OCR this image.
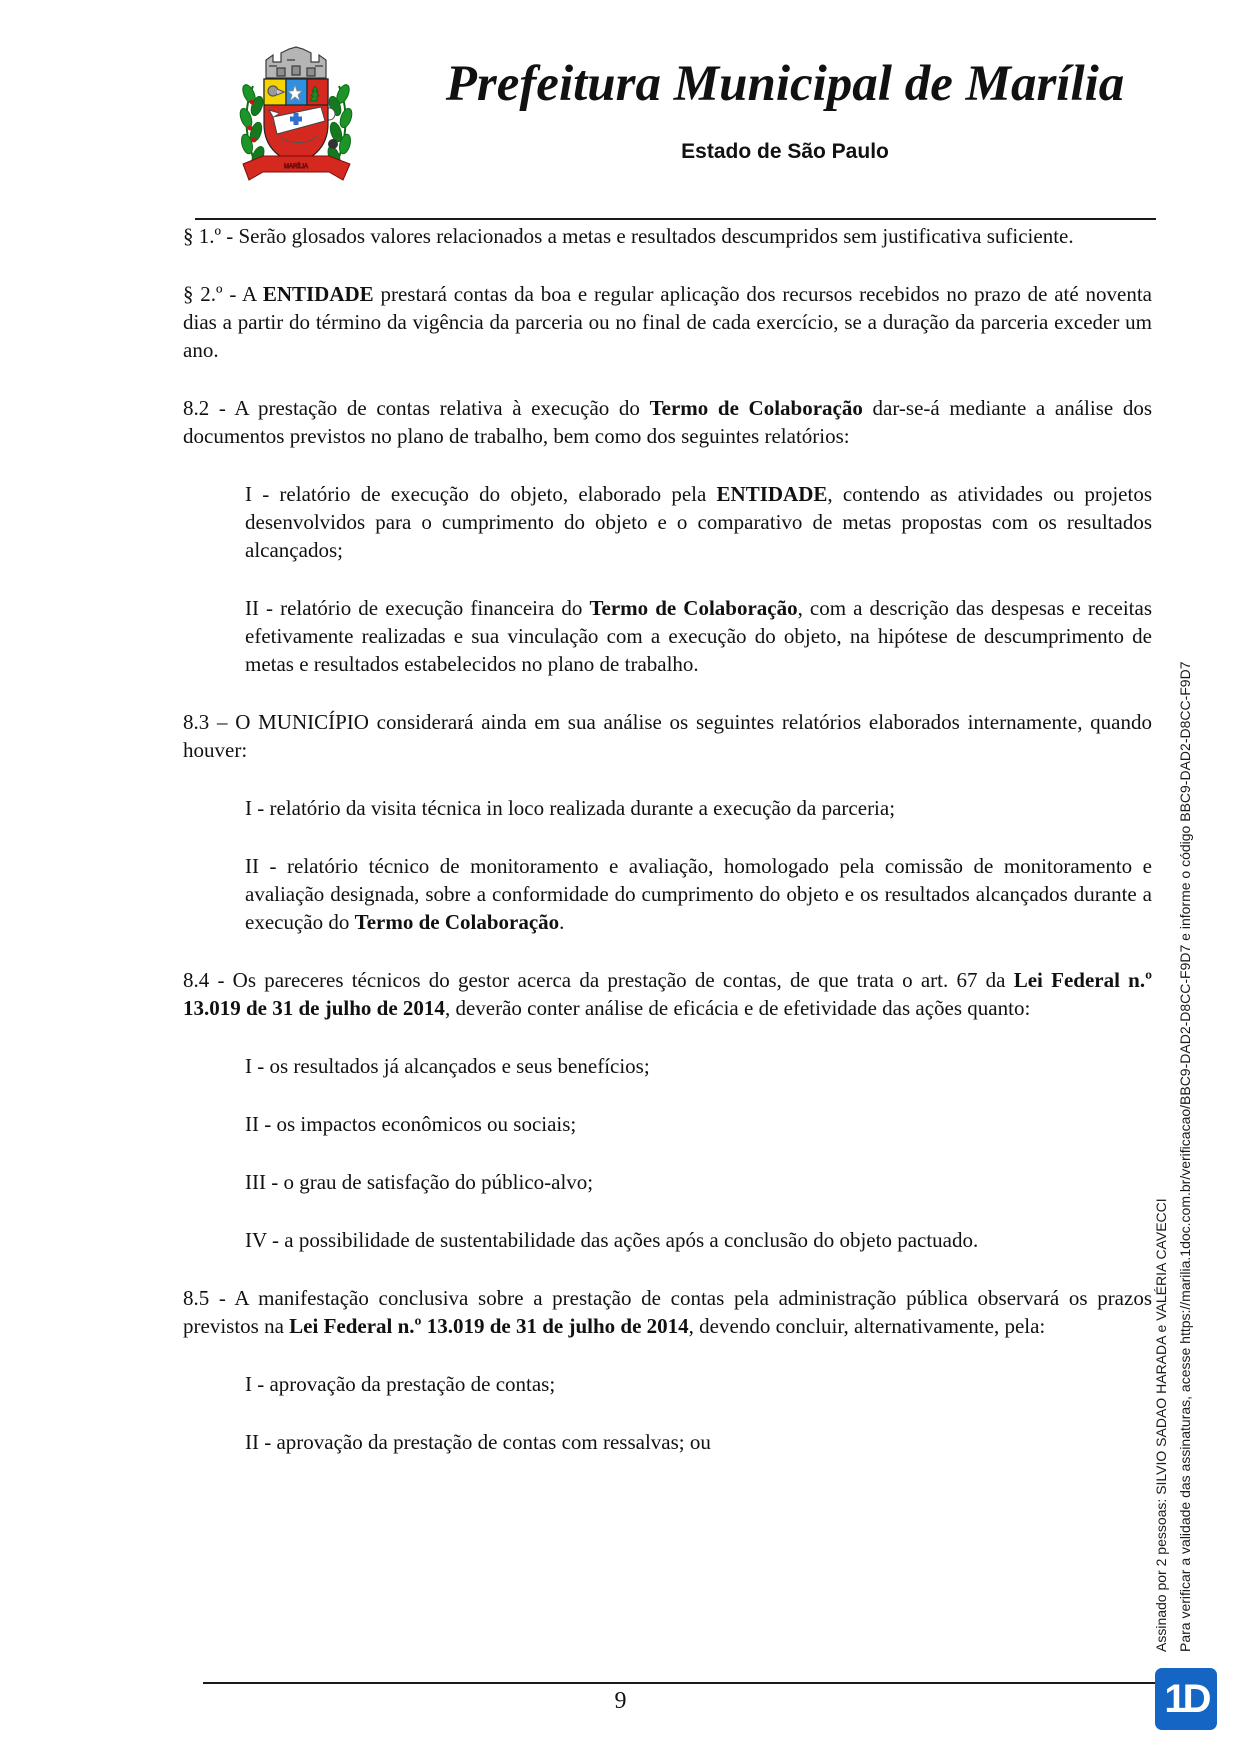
MARÍLIA
Prefeitura Municipal de Marília
Estado de São Paulo

§ 1.º - Serão glosados valores relacionados a metas e resultados descumpridos sem justificativa suficiente.

§ 2.º - A ENTIDADE prestará contas da boa e regular aplicação dos recursos recebidos no prazo de até noventa dias a partir do término da vigência da parceria ou no final de cada exercício, se a duração da parceria exceder um ano.

8.2 - A prestação de contas relativa à execução do Termo de Colaboração dar-se-á mediante a análise dos documentos previstos no plano de trabalho, bem como dos seguintes relatórios:

I - relatório de execução do objeto, elaborado pela ENTIDADE, contendo as atividades ou projetos desenvolvidos para o cumprimento do objeto e o comparativo de metas propostas com os resultados alcançados;

II - relatório de execução financeira do Termo de Colaboração, com a descrição das despesas e receitas efetivamente realizadas e sua vinculação com a execução do objeto, na hipótese de descumprimento de metas e resultados estabelecidos no plano de trabalho.

8.3 – O MUNICÍPIO considerará ainda em sua análise os seguintes relatórios elaborados internamente, quando houver:

I - relatório da visita técnica in loco realizada durante a execução da parceria;

II - relatório técnico de monitoramento e avaliação, homologado pela comissão de monitoramento e avaliação designada, sobre a conformidade do cumprimento do objeto e os resultados alcançados durante a execução do Termo de Colaboração.

8.4 - Os pareceres técnicos do gestor acerca da prestação de contas, de que trata o art. 67 da Lei Federal n.º 13.019 de 31 de julho de 2014, deverão conter análise de eficácia e de efetividade das ações quanto:

I - os resultados já alcançados e seus benefícios;

II - os impactos econômicos ou sociais;

III - o grau de satisfação do público-alvo;

IV - a possibilidade de sustentabilidade das ações após a conclusão do objeto pactuado.

8.5 - A manifestação conclusiva sobre a prestação de contas pela administração pública observará os prazos previstos na Lei Federal n.º 13.019 de 31 de julho de 2014, devendo concluir, alternativamente, pela:

I - aprovação da prestação de contas;

II - aprovação da prestação de contas com ressalvas; ou	Assinado por 2 pessoas: SILVIO SADAO HARADA e VALÉRIA CAVECCI Para verificar a validade das assinaturas, acesse https://marilia.1doc.com.br/verificacao/BBC9-DAD2-D8CC-F9D7 e informe o código BBC9-DAD2-D8CC-F9D7
9	1D
